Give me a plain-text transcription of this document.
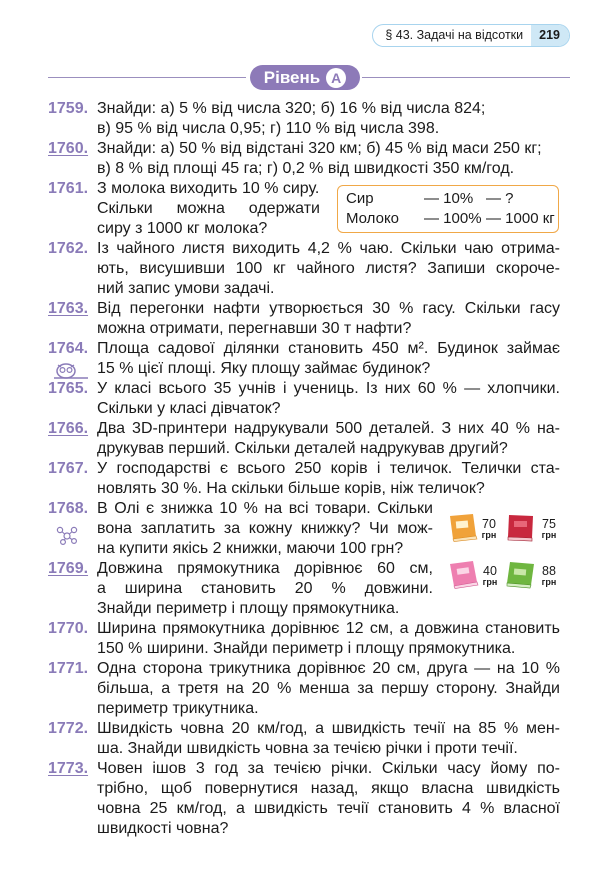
§ 43. Задачі на відсотки	219
Рівень А
1759. Знайди: а) 5 % від числа 320; б) 16 % від числа 824;
в) 95 % від числа 0,95; г) 110 % від числа 398.
1760. Знайди: а) 50 % від відстані 320 км; б) 45 % від маси 250 кг;
в) 8 % від площі 45 га; г) 0,2 % від швидкості 350 км/год.
1761. З молока виходить 10 % сиру.
Скільки можна одержати
сиру з 1000 кг молока?
Сир	— 10% — ?
Молоко	— 100% — 1000 кг
1762. Із чайного листя виходить 4,2 % чаю. Скільки чаю отрима-
ють, висушивши 100 кг чайного листя? Запиши скороче-
ний запис умови задачі.
1763. Від перегонки нафти утворюється 30 % гасу. Скільки гасу
можна отримати, перегнавши 30 т нафти?
1764. Площа садової ділянки становить 450 м². Будинок займає
15 % цієї площі. Яку площу займає будинок?
1765. У класі всього 35 учнів і учениць. Із них 60 % — хлопчики.
Скільки у класі дівчаток?
1766. Два 3D-принтери надрукували 500 деталей. З них 40 % на-
друкував перший. Скільки деталей надрукував другий?
1767. У господарстві є всього 250 корів і теличок. Телички ста-
новлять 30 %. На скільки більше корів, ніж теличок?
1768. В Олі є знижка 10 % на всі товари. Скільки
вона заплатить за кожну книжку? Чи мож-
на купити якісь 2 книжки, маючи 100 грн?
1769. Довжина прямокутника дорівнює 60 см,
а ширина становить 20 % довжини.
Знайди периметр і площу прямокутника.
70
грн
75
грн
40
грн
88
грн
1770. Ширина прямокутника дорівнює 12 см, а довжина становить
150 % ширини. Знайди периметр і площу прямокутника.
1771. Одна сторона трикутника дорівнює 20 см, друга — на 10 %
більша, а третя на 20 % менша за першу сторону. Знайди
периметр трикутника.
1772. Швидкість човна 20 км/год, а швидкість течії на 85 % мен-
ша. Знайди швидкість човна за течією річки і проти течії.
1773. Човен ішов 3 год за течією річки. Скільки часу йому по-
трібно, щоб повернутися назад, якщо власна швидкість
човна 25 км/год, а швидкість течії становить 4 % власної
швидкості човна?
